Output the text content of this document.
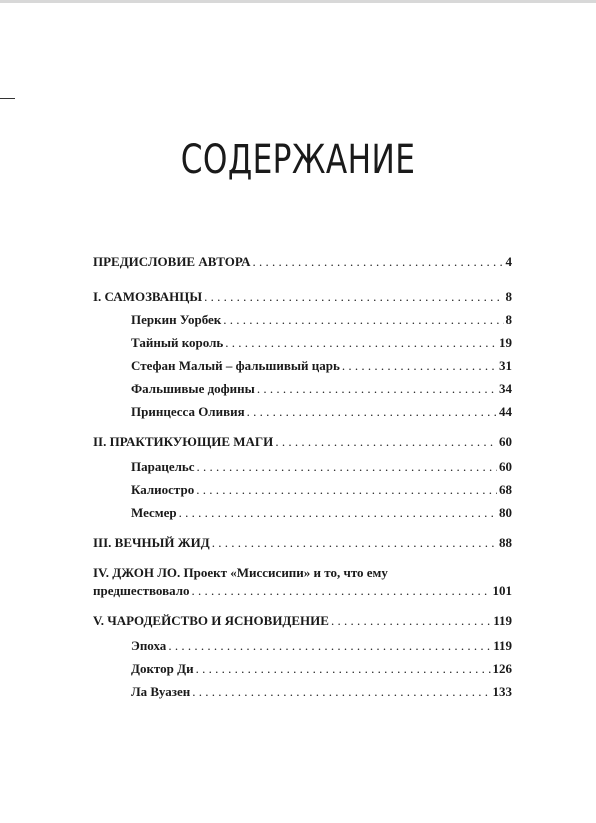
СОДЕРЖАНИЕ
ПРЕДИСЛОВИЕ АВТОРА . . .	4
I. САМОЗВАНЦЫ . . .	8
Перкин Уорбек . . .	8
Тайный король . . .	19
Стефан Малый – фальшивый царь . . .	31
Фальшивые дофины . . .	34
Принцесса Оливия . . .	44
II. ПРАКТИКУЮЩИЕ МАГИ . . .	60
Парацельс . . .	60
Калиостро . . .	68
Месмер . . .	80
III. ВЕЧНЫЙ ЖИД . . .	88
IV. ДЖОН ЛО. Проект «Миссисипи» и то, что ему
предшествовало . . .	101
V. ЧАРОДЕЙСТВО И ЯСНОВИДЕНИЕ . . .	119
Эпоха . . .	119
Доктор Ди . . .	126
Ла Вуазен . . .	133
